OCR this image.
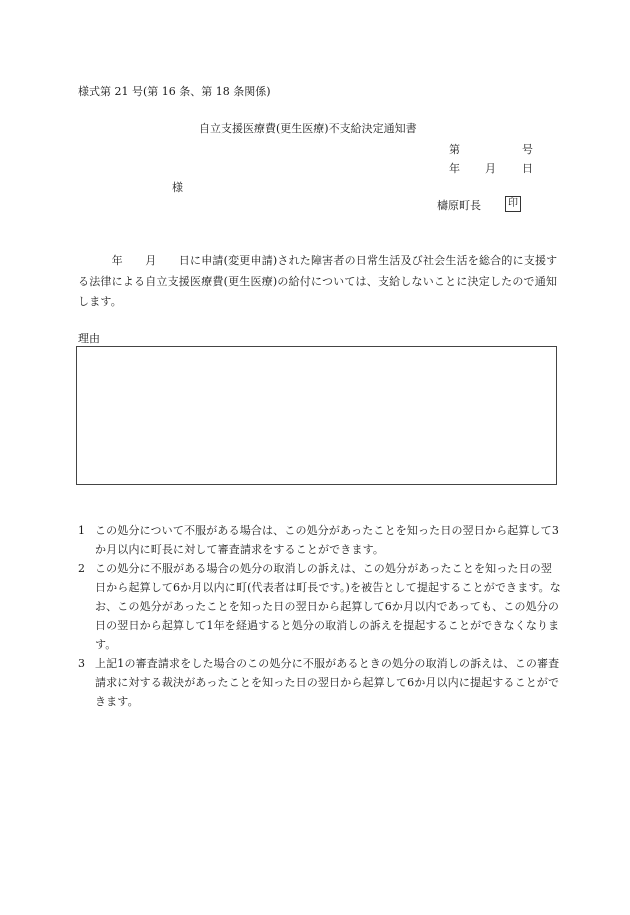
様式第 21 号(第 16 条、第 18 条関係)
自立支援医療費(更生医療)不支給決定通知書
第	号
年 月 日
様
檮原町長	印
　　　年　　月　　日に申請(変更申請)された障害者の日常生活及び社会生活を総合的に支援する法律による自立支援医療費(更生医療)の給付については、支給しないことに決定したので通知します。
理由
1 この処分について不服がある場合は、この処分があったことを知った日の翌日から起算して3か月以内に町長に対して審査請求をすることができます。
2 この処分に不服がある場合の処分の取消しの訴えは、この処分があったことを知った日の翌日から起算して6か月以内に町(代表者は町長です。)を被告として提起することができます。なお、この処分があったことを知った日の翌日から起算して6か月以内であっても、この処分の日の翌日から起算して1年を経過すると処分の取消しの訴えを提起することができなくなります。
3 上記1の審査請求をした場合のこの処分に不服があるときの処分の取消しの訴えは、この審査請求に対する裁決があったことを知った日の翌日から起算して6か月以内に提起することができます。
